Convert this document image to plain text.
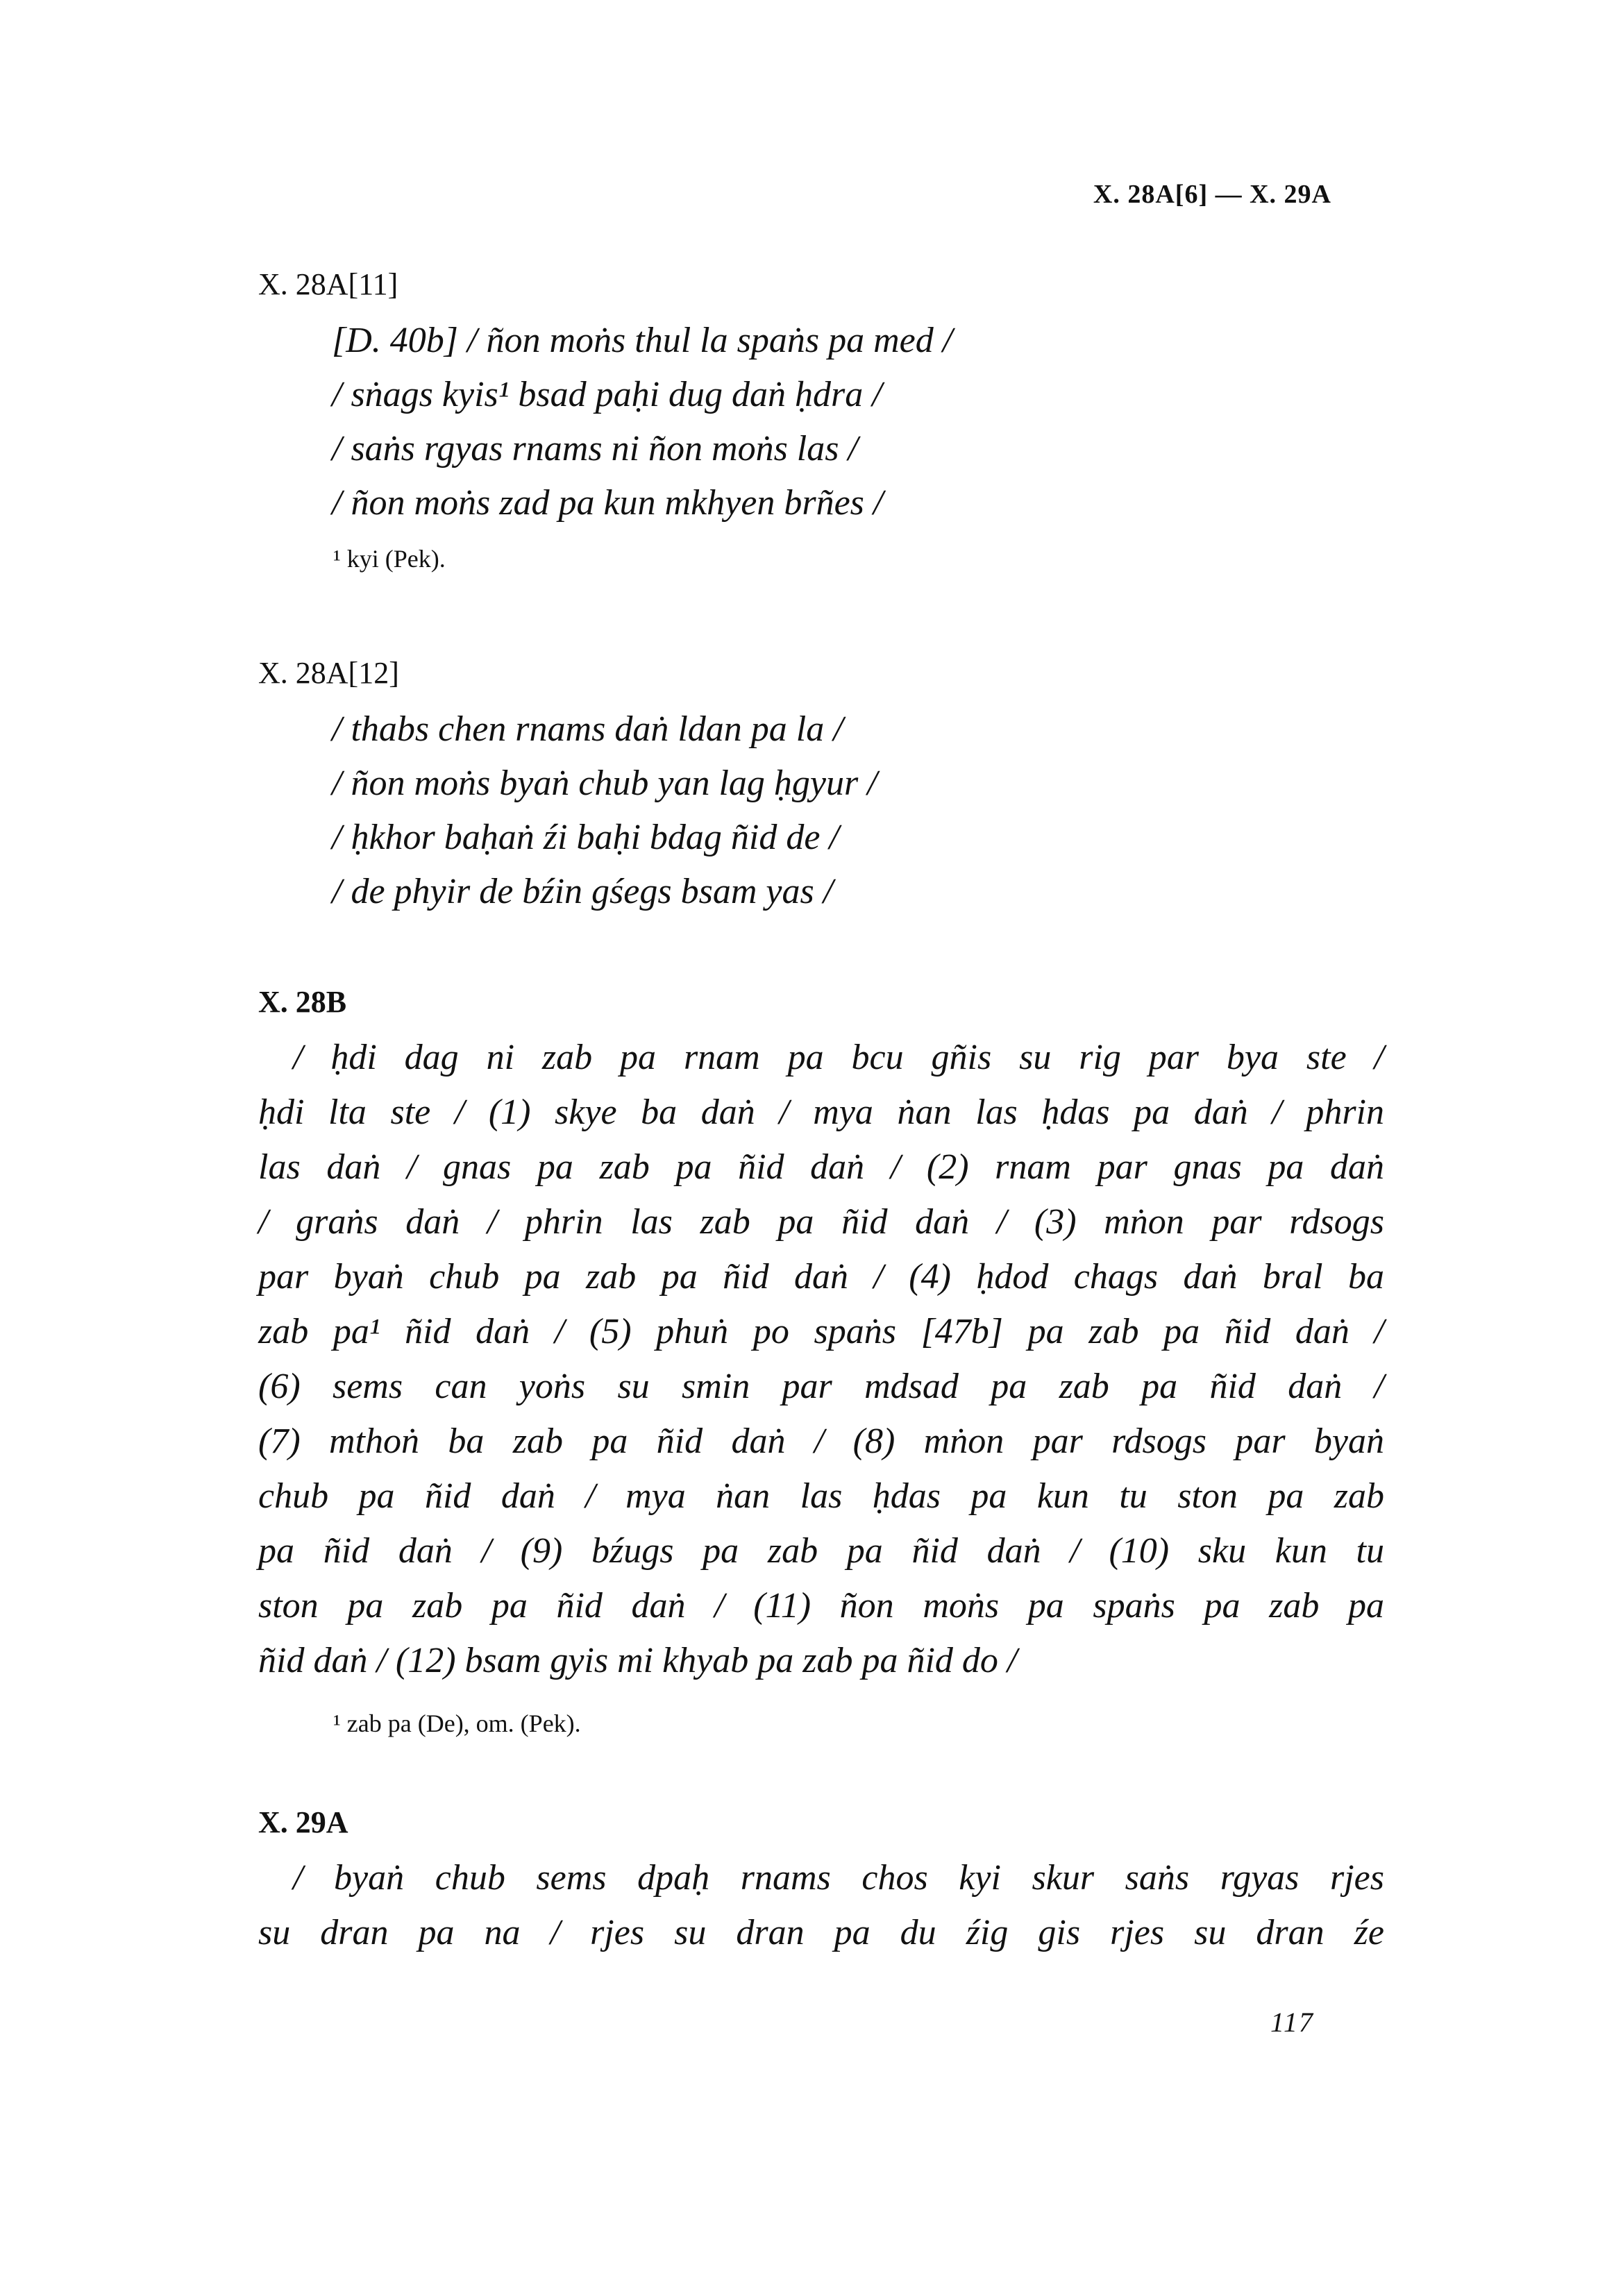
X. 28A[6] — X. 29A
X. 28A[11]
[D. 40b] / ñon moṅs thul la spaṅs pa med /
/ sṅags kyis¹ bsad paḥi dug daṅ ḥdra /
/ saṅs rgyas rnams ni ñon moṅs las /
/ ñon moṅs zad pa kun mkhyen brñes /
¹ kyi (Pek).
X. 28A[12]
/ thabs chen rnams daṅ ldan pa la /
/ ñon moṅs byaṅ chub yan lag ḥgyur /
/ ḥkhor baḥaṅ źi baḥi bdag ñid de /
/ de phyir de bźin gśegs bsam yas /
X. 28B
/ ḥdi dag ni zab pa rnam pa bcu gñis su rig par bya ste /
ḥdi lta ste / (1) skye ba daṅ / mya ṅan las ḥdas pa daṅ / phrin
las daṅ / gnas pa zab pa ñid daṅ / (2) rnam par gnas pa daṅ
/ graṅs daṅ / phrin las zab pa ñid daṅ / (3) mṅon par rdsogs
par byaṅ chub pa zab pa ñid daṅ / (4) ḥdod chags daṅ bral ba
zab pa¹ ñid daṅ / (5) phuṅ po spaṅs [47b] pa zab pa ñid daṅ /
(6) sems can yoṅs su smin par mdsad pa zab pa ñid daṅ /
(7) mthoṅ ba zab pa ñid daṅ / (8) mṅon par rdsogs par byaṅ
chub pa ñid daṅ / mya ṅan las ḥdas pa kun tu ston pa zab
pa ñid daṅ / (9) bźugs pa zab pa ñid daṅ / (10) sku kun tu
ston pa zab pa ñid daṅ / (11) ñon moṅs pa spaṅs pa zab pa
ñid daṅ / (12) bsam gyis mi khyab pa zab pa ñid do /
¹ zab pa (De), om. (Pek).
X. 29A
/ byaṅ chub sems dpaḥ rnams chos kyi skur saṅs rgyas rjes
su dran pa na / rjes su dran pa du źig gis rjes su dran źe
117
